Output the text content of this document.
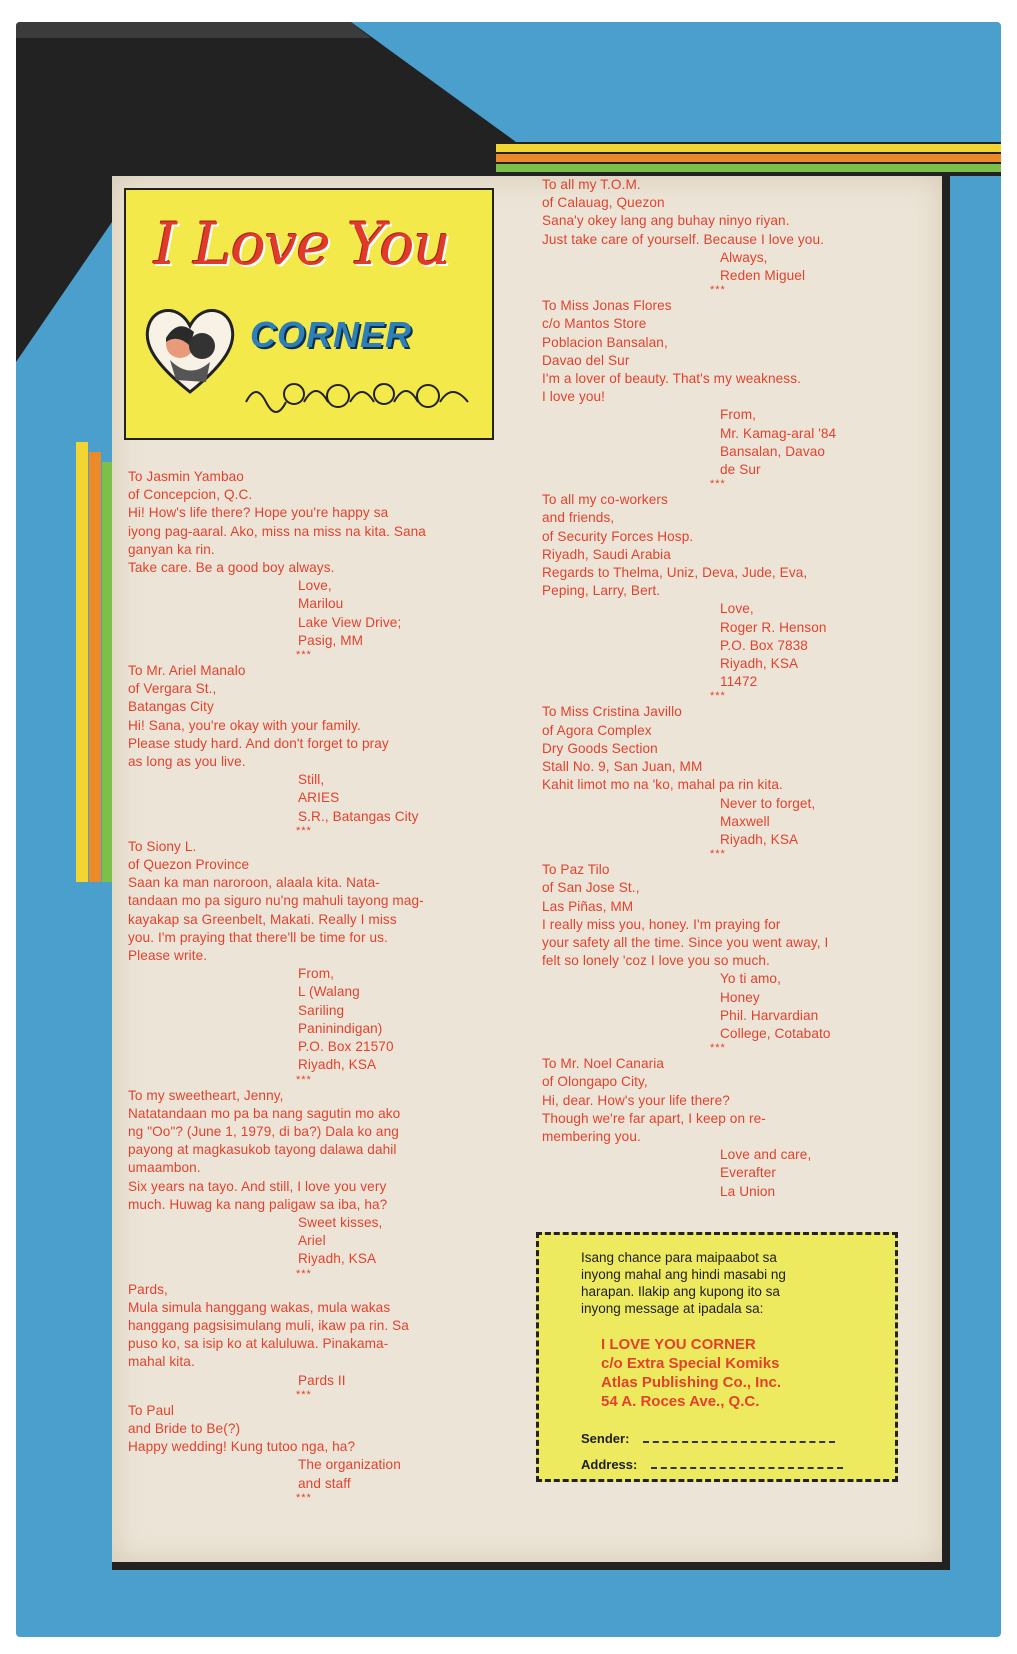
I Love You
CORNER
To Jasmin Yambao
of Concepcion, Q.C.
Hi! How's life there? Hope you're happy sa
iyong pag-aaral. Ako, miss na miss na kita. Sana
ganyan ka rin.
Take care. Be a good boy always.
Love,
Marilou
Lake View Drive;
Pasig, MM
***
To Mr. Ariel Manalo
of Vergara St.,
Batangas City
Hi! Sana, you're okay with your family.
Please study hard. And don't forget to pray
as long as you live.
Still,
ARIES
S.R., Batangas City
***
To Siony L.
of Quezon Province
Saan ka man naroroon, alaala kita. Nata-
tandaan mo pa siguro nu'ng mahuli tayong mag-
kayakap sa Greenbelt, Makati. Really I miss
you. I'm praying that there'll be time for us.
Please write.
From,
L (Walang
Sariling
Paninindigan)
P.O. Box 21570
Riyadh, KSA
***
To my sweetheart, Jenny,
Natatandaan mo pa ba nang sagutin mo ako
ng "Oo"? (June 1, 1979, di ba?) Dala ko ang
payong at magkasukob tayong dalawa dahil
umaambon.
Six years na tayo. And still, I love you very
much. Huwag ka nang paligaw sa iba, ha?
Sweet kisses,
Ariel
Riyadh, KSA
***
Pards,
Mula simula hanggang wakas, mula wakas
hanggang pagsisimulang muli, ikaw pa rin. Sa
puso ko, sa isip ko at kaluluwa. Pinakama-
mahal kita.
Pards II
***
To Paul
and Bride to Be(?)
Happy wedding! Kung tutoo nga, ha?
The organization
and staff
***
To all my T.O.M.
of Calauag, Quezon
Sana'y okey lang ang buhay ninyo riyan.
Just take care of yourself. Because I love you.
Always,
Reden Miguel
***
To Miss Jonas Flores
c/o Mantos Store
Poblacion Bansalan,
Davao del Sur
I'm a lover of beauty. That's my weakness.
I love you!
From,
Mr. Kamag-aral '84
Bansalan, Davao
de Sur
***
To all my co-workers
and friends,
of Security Forces Hosp.
Riyadh, Saudi Arabia
Regards to Thelma, Uniz, Deva, Jude, Eva,
Peping, Larry, Bert.
Love,
Roger R. Henson
P.O. Box 7838
Riyadh, KSA
11472
***
To Miss Cristina Javillo
of Agora Complex
Dry Goods Section
Stall No. 9, San Juan, MM
Kahit limot mo na 'ko, mahal pa rin kita.
Never to forget,
Maxwell
Riyadh, KSA
***
To Paz Tilo
of San Jose St.,
Las Piñas, MM
I really miss you, honey. I'm praying for
your safety all the time. Since you went away, I
felt so lonely 'coz I love you so much.
Yo ti amo,
Honey
Phil. Harvardian
College, Cotabato
***
To Mr. Noel Canaria
of Olongapo City,
Hi, dear. How's your life there?
Though we're far apart, I keep on re-
membering you.
Love and care,
Everafter
La Union
Isang chance para maipaabot sa
inyong mahal ang hindi masabi ng
harapan. Ilakip ang kupong ito sa
inyong message at ipadala sa:
I LOVE YOU CORNER
c/o Extra Special Komiks
Atlas Publishing Co., Inc.
54 A. Roces Ave., Q.C.
Sender:
Address:
